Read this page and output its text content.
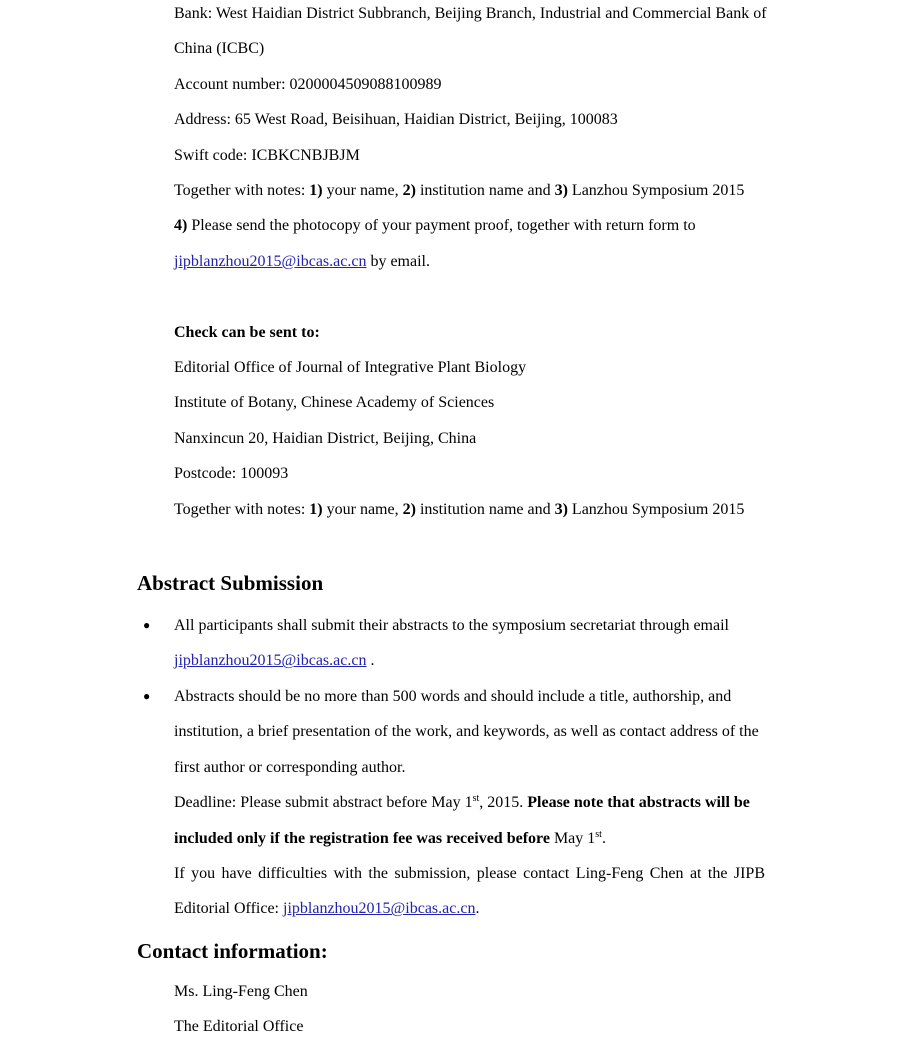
Bank: West Haidian District Subbranch, Beijing Branch, Industrial and Commercial Bank of

China (ICBC)

Account number: 0200004509088100989

Address: 65 West Road, Beisihuan, Haidian District, Beijing, 100083

Swift code: ICBKCNBJBJM

Together with notes: 1) your name, 2) institution name and 3) Lanzhou Symposium 2015

4) Please send the photocopy of your payment proof, together with return form to

jipblanzhou2015@ibcas.ac.cn by email.

Check can be sent to:

Editorial Office of Journal of Integrative Plant Biology

Institute of Botany, Chinese Academy of Sciences

Nanxincun 20, Haidian District, Beijing, China

Postcode: 100093

Together with notes: 1) your name, 2) institution name and 3) Lanzhou Symposium 2015

Abstract Submission
● All participants shall submit their abstracts to the symposium secretariat through email

jipblanzhou2015@ibcas.ac.cn .

● Abstracts should be no more than 500 words and should include a title, authorship, and

institution, a brief presentation of the work, and keywords, as well as contact address of the

first author or corresponding author.

Deadline: Please submit abstract before May 1st, 2015. Please note that abstracts will be

included only if the registration fee was received before May 1st.

If you have difficulties with the submission, please contact Ling-Feng Chen at the JIPB

Editorial Office: jipblanzhou2015@ibcas.ac.cn.

Contact information:

Ms. Ling-Feng Chen

The Editorial Office
